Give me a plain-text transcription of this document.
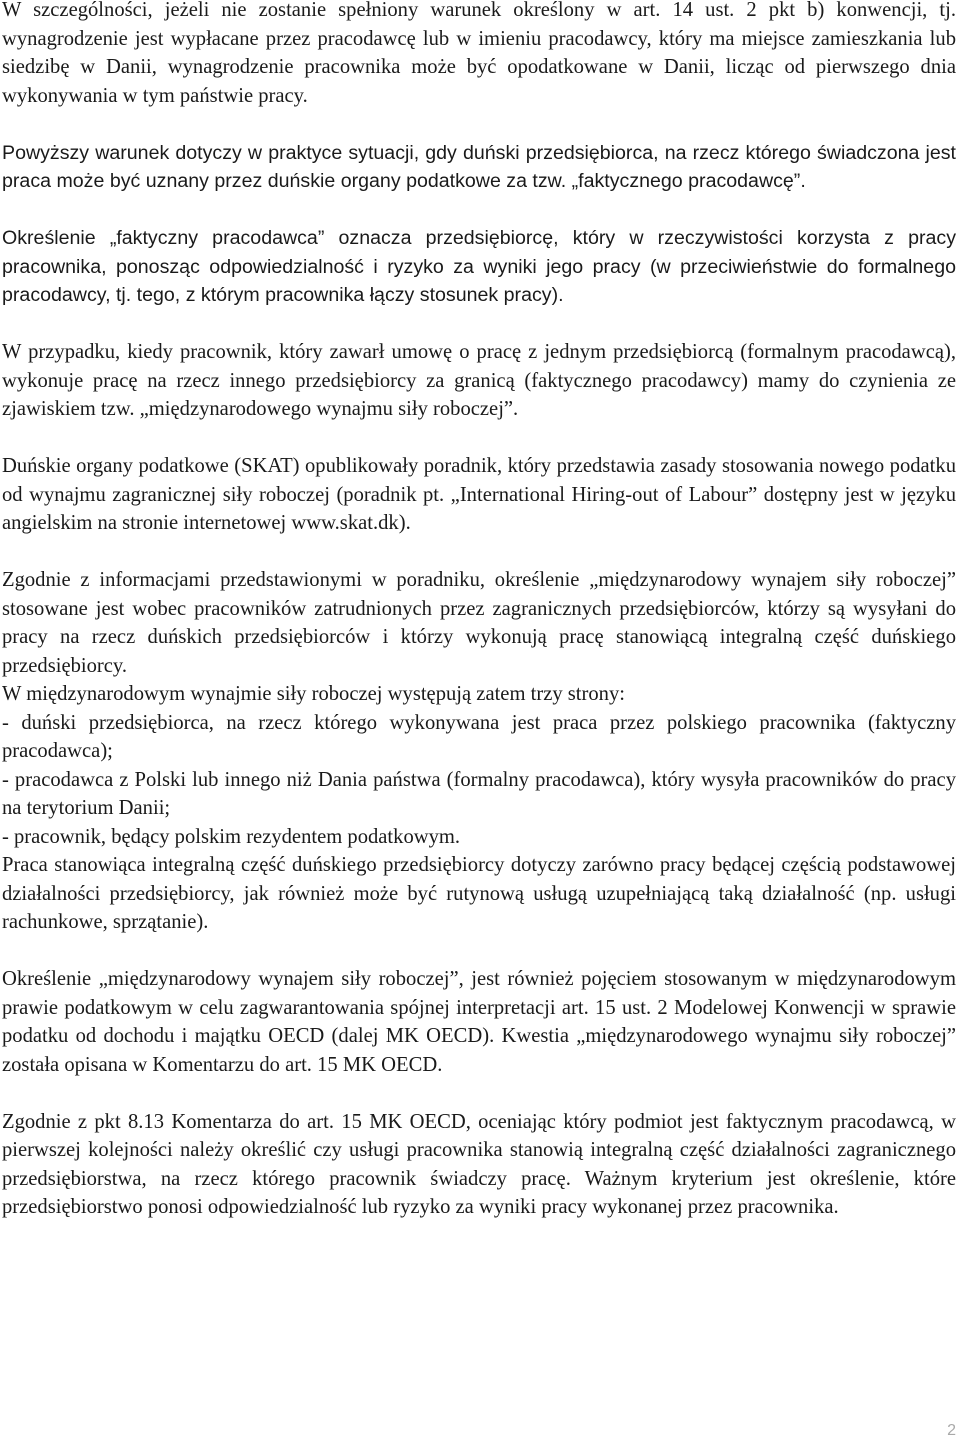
W szczególności, jeżeli nie zostanie spełniony warunek określony w art. 14 ust. 2 pkt b) konwencji, tj. wynagrodzenie jest wypłacane przez pracodawcę lub w imieniu pracodawcy, który ma miejsce zamieszkania lub siedzibę w Danii, wynagrodzenie pracownika może być opodatkowane w Danii, licząc od pierwszego dnia wykonywania w tym państwie pracy.

Powyższy warunek dotyczy w praktyce sytuacji, gdy duński przedsiębiorca, na rzecz którego świadczona jest praca może być uznany przez duńskie organy podatkowe za tzw. „faktycznego pracodawcę”.

Określenie „faktyczny pracodawca” oznacza przedsiębiorcę, który w rzeczywistości korzysta z pracy pracownika, ponosząc odpowiedzialność i ryzyko za wyniki jego pracy (w przeciwieństwie do formalnego pracodawcy, tj. tego, z którym pracownika łączy stosunek pracy).

W przypadku, kiedy pracownik, który zawarł umowę o pracę z jednym przedsiębiorcą (formalnym pracodawcą), wykonuje pracę na rzecz innego przedsiębiorcy za granicą (faktycznego pracodawcy) mamy do czynienia ze zjawiskiem tzw. „międzynarodowego wynajmu siły roboczej”.

Duńskie organy podatkowe (SKAT) opublikowały poradnik, który przedstawia zasady stosowania nowego podatku od wynajmu zagranicznej siły roboczej (poradnik pt. „International Hiring-out of Labour” dostępny jest w języku angielskim na stronie internetowej www.skat.dk).

Zgodnie z informacjami przedstawionymi w poradniku, określenie „międzynarodowy wynajem siły roboczej” stosowane jest wobec pracowników zatrudnionych przez zagranicznych przedsiębiorców, którzy są wysyłani do pracy na rzecz duńskich przedsiębiorców i którzy wykonują pracę stanowiącą integralną część duńskiego przedsiębiorcy.

W międzynarodowym wynajmie siły roboczej występują zatem trzy strony:

- duński przedsiębiorca, na rzecz którego wykonywana jest praca przez polskiego pracownika (faktyczny pracodawca);

- pracodawca z Polski lub innego niż Dania państwa (formalny pracodawca), który wysyła pracowników do pracy na terytorium Danii;

- pracownik, będący polskim rezydentem podatkowym.

Praca stanowiąca integralną część duńskiego przedsiębiorcy dotyczy zarówno pracy będącej częścią podstawowej działalności przedsiębiorcy, jak również może być rutynową usługą uzupełniającą taką działalność (np. usługi rachunkowe, sprzątanie).

Określenie „międzynarodowy wynajem siły roboczej”, jest również pojęciem stosowanym w międzynarodowym prawie podatkowym w celu zagwarantowania spójnej interpretacji art. 15 ust. 2 Modelowej Konwencji w sprawie podatku od dochodu i majątku OECD (dalej MK OECD). Kwestia „międzynarodowego wynajmu siły roboczej” została opisana w Komentarzu do art. 15 MK OECD.

Zgodnie z pkt 8.13 Komentarza do art. 15 MK OECD, oceniając który podmiot jest faktycznym pracodawcą, w pierwszej kolejności należy określić czy usługi pracownika stanowią integralną część działalności zagranicznego przedsiębiorstwa, na rzecz którego pracownik świadczy pracę. Ważnym kryterium jest określenie, które przedsiębiorstwo ponosi odpowiedzialność lub ryzyko za wyniki pracy wykonanej przez pracownika.

2
